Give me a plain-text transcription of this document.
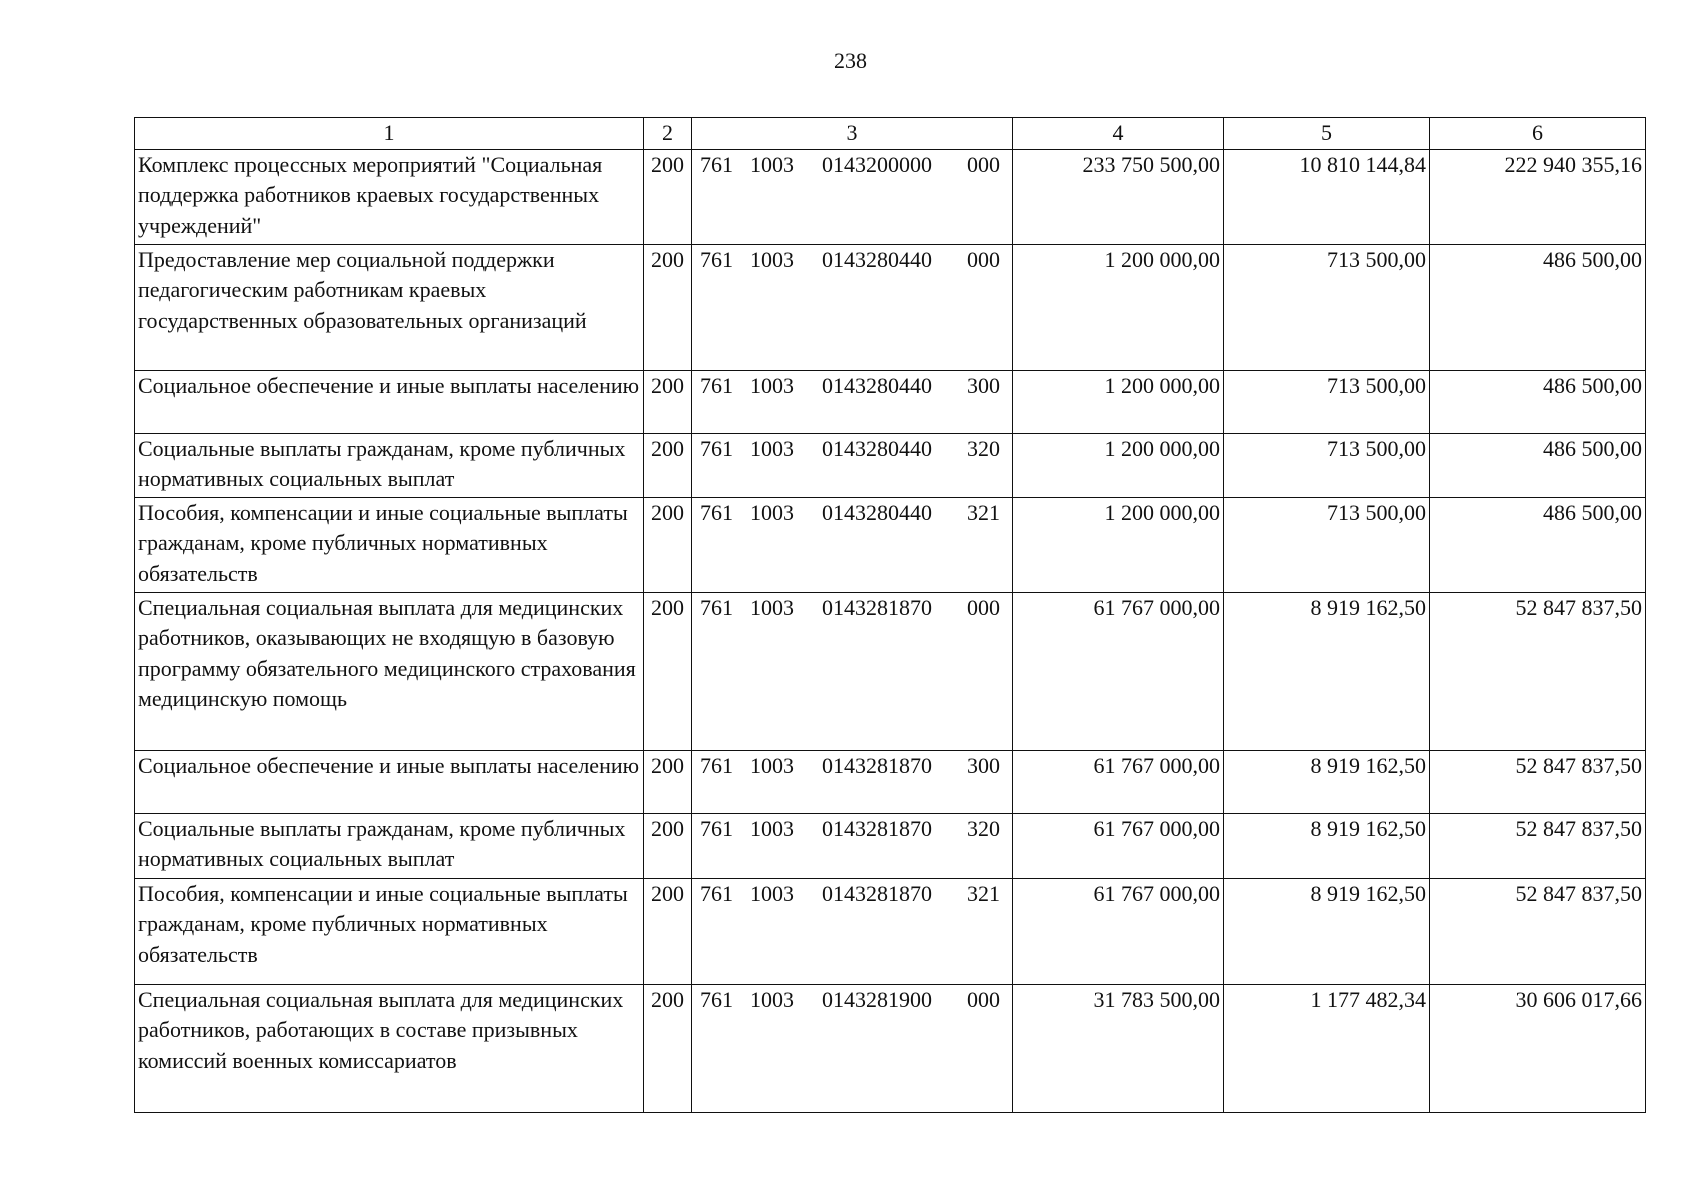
238
1	2	3	4	5	6
Комплекс процессных мероприятий "Социальная поддержка работников краевых государственных учреждений"	200	761 1003 0143200000 000	233 750 500,00	10 810 144,84	222 940 355,16
Предоставление мер социальной поддержки педагогическим работникам краевых государственных образовательных организаций	200	761 1003 0143280440 000	1 200 000,00	713 500,00	486 500,00
Социальное обеспечение и иные выплаты населению	200	761 1003 0143280440 300	1 200 000,00	713 500,00	486 500,00
Социальные выплаты гражданам, кроме публичных нормативных социальных выплат	200	761 1003 0143280440 320	1 200 000,00	713 500,00	486 500,00
Пособия, компенсации и иные социальные выплаты гражданам, кроме публичных нормативных обязательств	200	761 1003 0143280440 321	1 200 000,00	713 500,00	486 500,00
Специальная социальная выплата для медицинских работников, оказывающих не входящую в базовую программу обязательного медицинского страхования медицинскую помощь	200	761 1003 0143281870 000	61 767 000,00	8 919 162,50	52 847 837,50
Социальное обеспечение и иные выплаты населению	200	761 1003 0143281870 300	61 767 000,00	8 919 162,50	52 847 837,50
Социальные выплаты гражданам, кроме публичных нормативных социальных выплат	200	761 1003 0143281870 320	61 767 000,00	8 919 162,50	52 847 837,50
Пособия, компенсации и иные социальные выплаты гражданам, кроме публичных нормативных обязательств	200	761 1003 0143281870 321	61 767 000,00	8 919 162,50	52 847 837,50
Специальная социальная выплата для медицинских работников, работающих в составе призывных комиссий военных комиссариатов	200	761 1003 0143281900 000	31 783 500,00	1 177 482,34	30 606 017,66
